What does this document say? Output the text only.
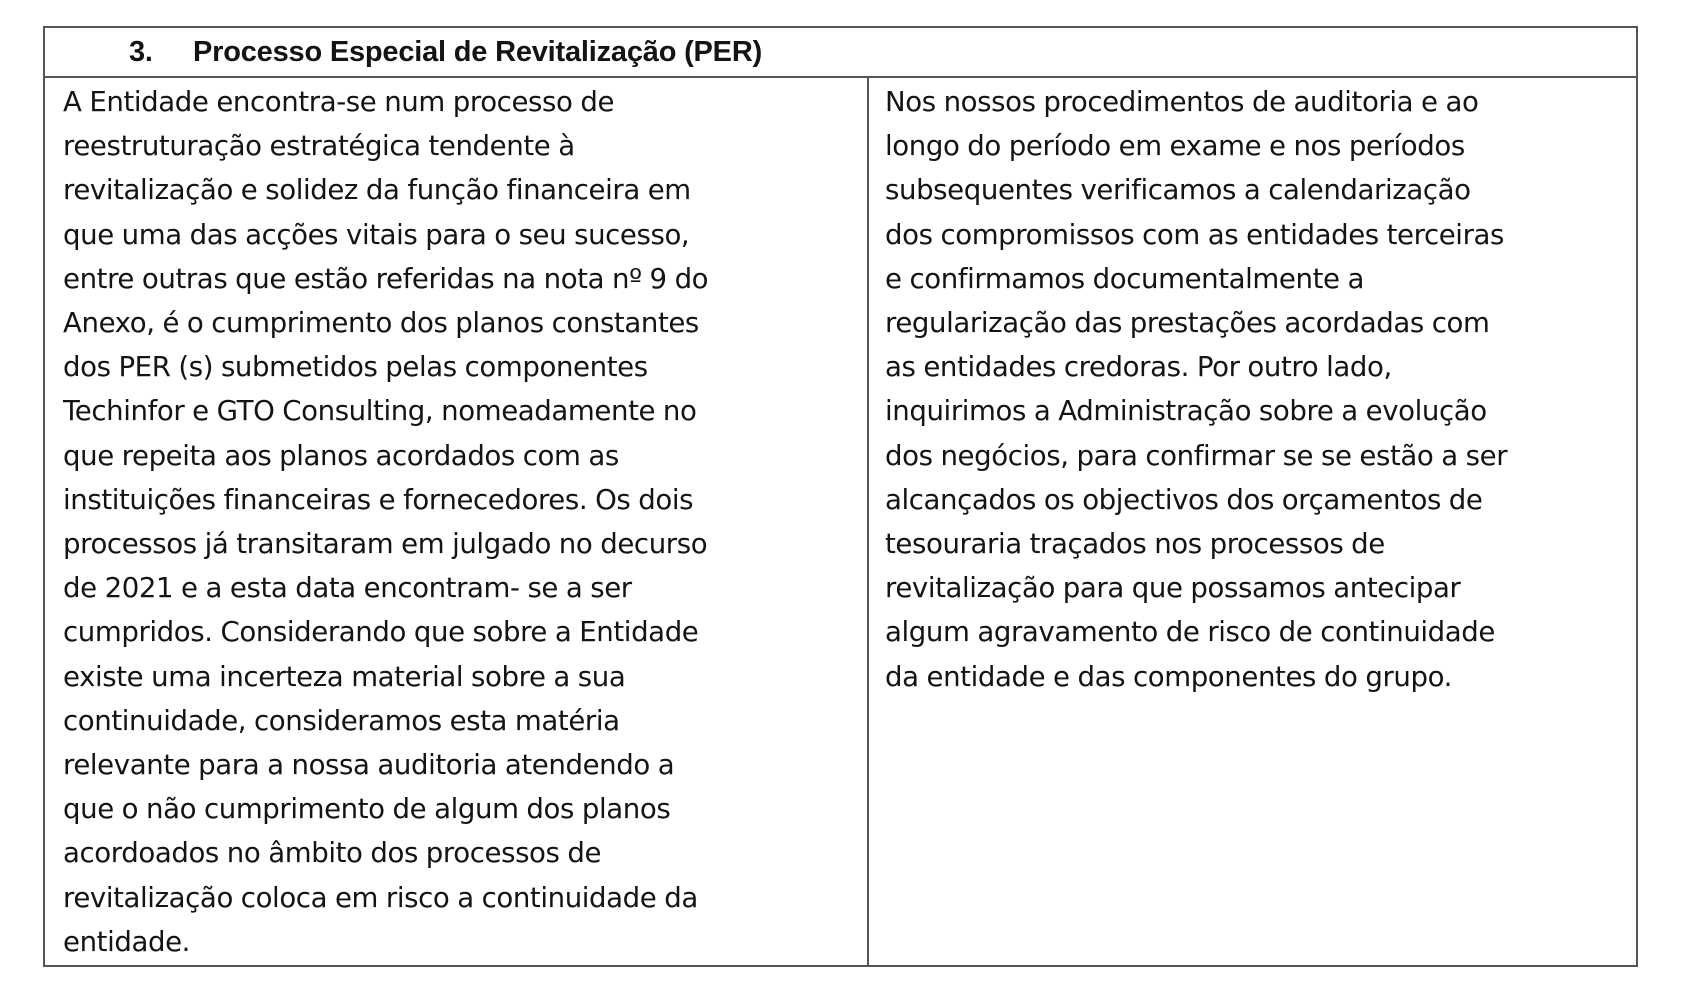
3.	Processo Especial de Revitalização (PER)

A Entidade encontra-se num processo de
reestruturação estratégica tendente à
revitalização e solidez da função financeira em
que uma das acções vitais para o seu sucesso,
entre outras que estão referidas na nota nº 9 do
Anexo, é o cumprimento dos planos constantes
dos PER (s) submetidos pelas componentes
Techinfor e GTO Consulting, nomeadamente no
que repeita aos planos acordados com as
instituições financeiras e fornecedores. Os dois
processos já transitaram em julgado no decurso
de 2021 e a esta data encontram- se a ser
cumpridos. Considerando que sobre a Entidade
existe uma incerteza material sobre a sua
continuidade, consideramos esta matéria
relevante para a nossa auditoria atendendo a
que o não cumprimento de algum dos planos
acordoados no âmbito dos processos de
revitalização coloca em risco a continuidade da
entidade.

Nos nossos procedimentos de auditoria e ao
longo do período em exame e nos períodos
subsequentes verificamos a calendarização
dos compromissos com as entidades terceiras
e confirmamos documentalmente a
regularização das prestações acordadas com
as entidades credoras. Por outro lado,
inquirimos a Administração sobre a evolução
dos negócios, para confirmar se se estão a ser
alcançados os objectivos dos orçamentos de
tesouraria traçados nos processos de
revitalização para que possamos antecipar
algum agravamento de risco de continuidade
da entidade e das componentes do grupo.
